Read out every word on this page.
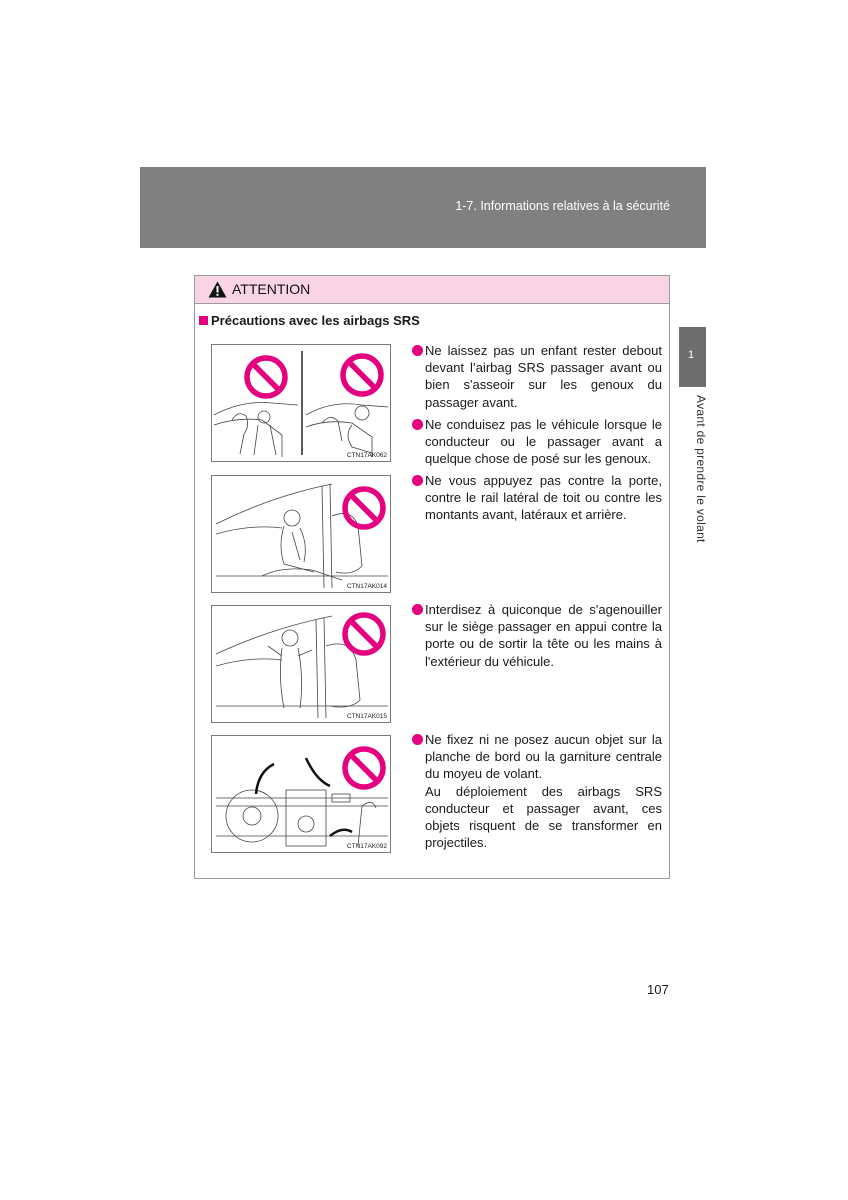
1-7. Informations relatives à la sécurité
1
Avant de prendre le volant
ATTENTION
Précautions avec les airbags SRS
CTN17AK062
CTN17AK014
CTN17AK015
CTN17AK092
Ne laissez pas un enfant rester debout devant l’airbag SRS passager avant ou bien s'asseoir sur les genoux du passager avant.
Ne conduisez pas le véhicule lorsque le conducteur ou le passager avant a quelque chose de posé sur les genoux.
Ne vous appuyez pas contre la porte, contre le rail latéral de toit ou contre les montants avant, latéraux et arrière.
Interdisez à quiconque de s'agenouiller sur le siège passager en appui contre la porte ou de sortir la tête ou les mains à l'extérieur du véhicule.
Ne fixez ni ne posez aucun objet sur la planche de bord ou la garniture centrale du moyeu de volant.
Au déploiement des airbags SRS conducteur et passager avant, ces objets risquent de se transformer en projectiles.
107
